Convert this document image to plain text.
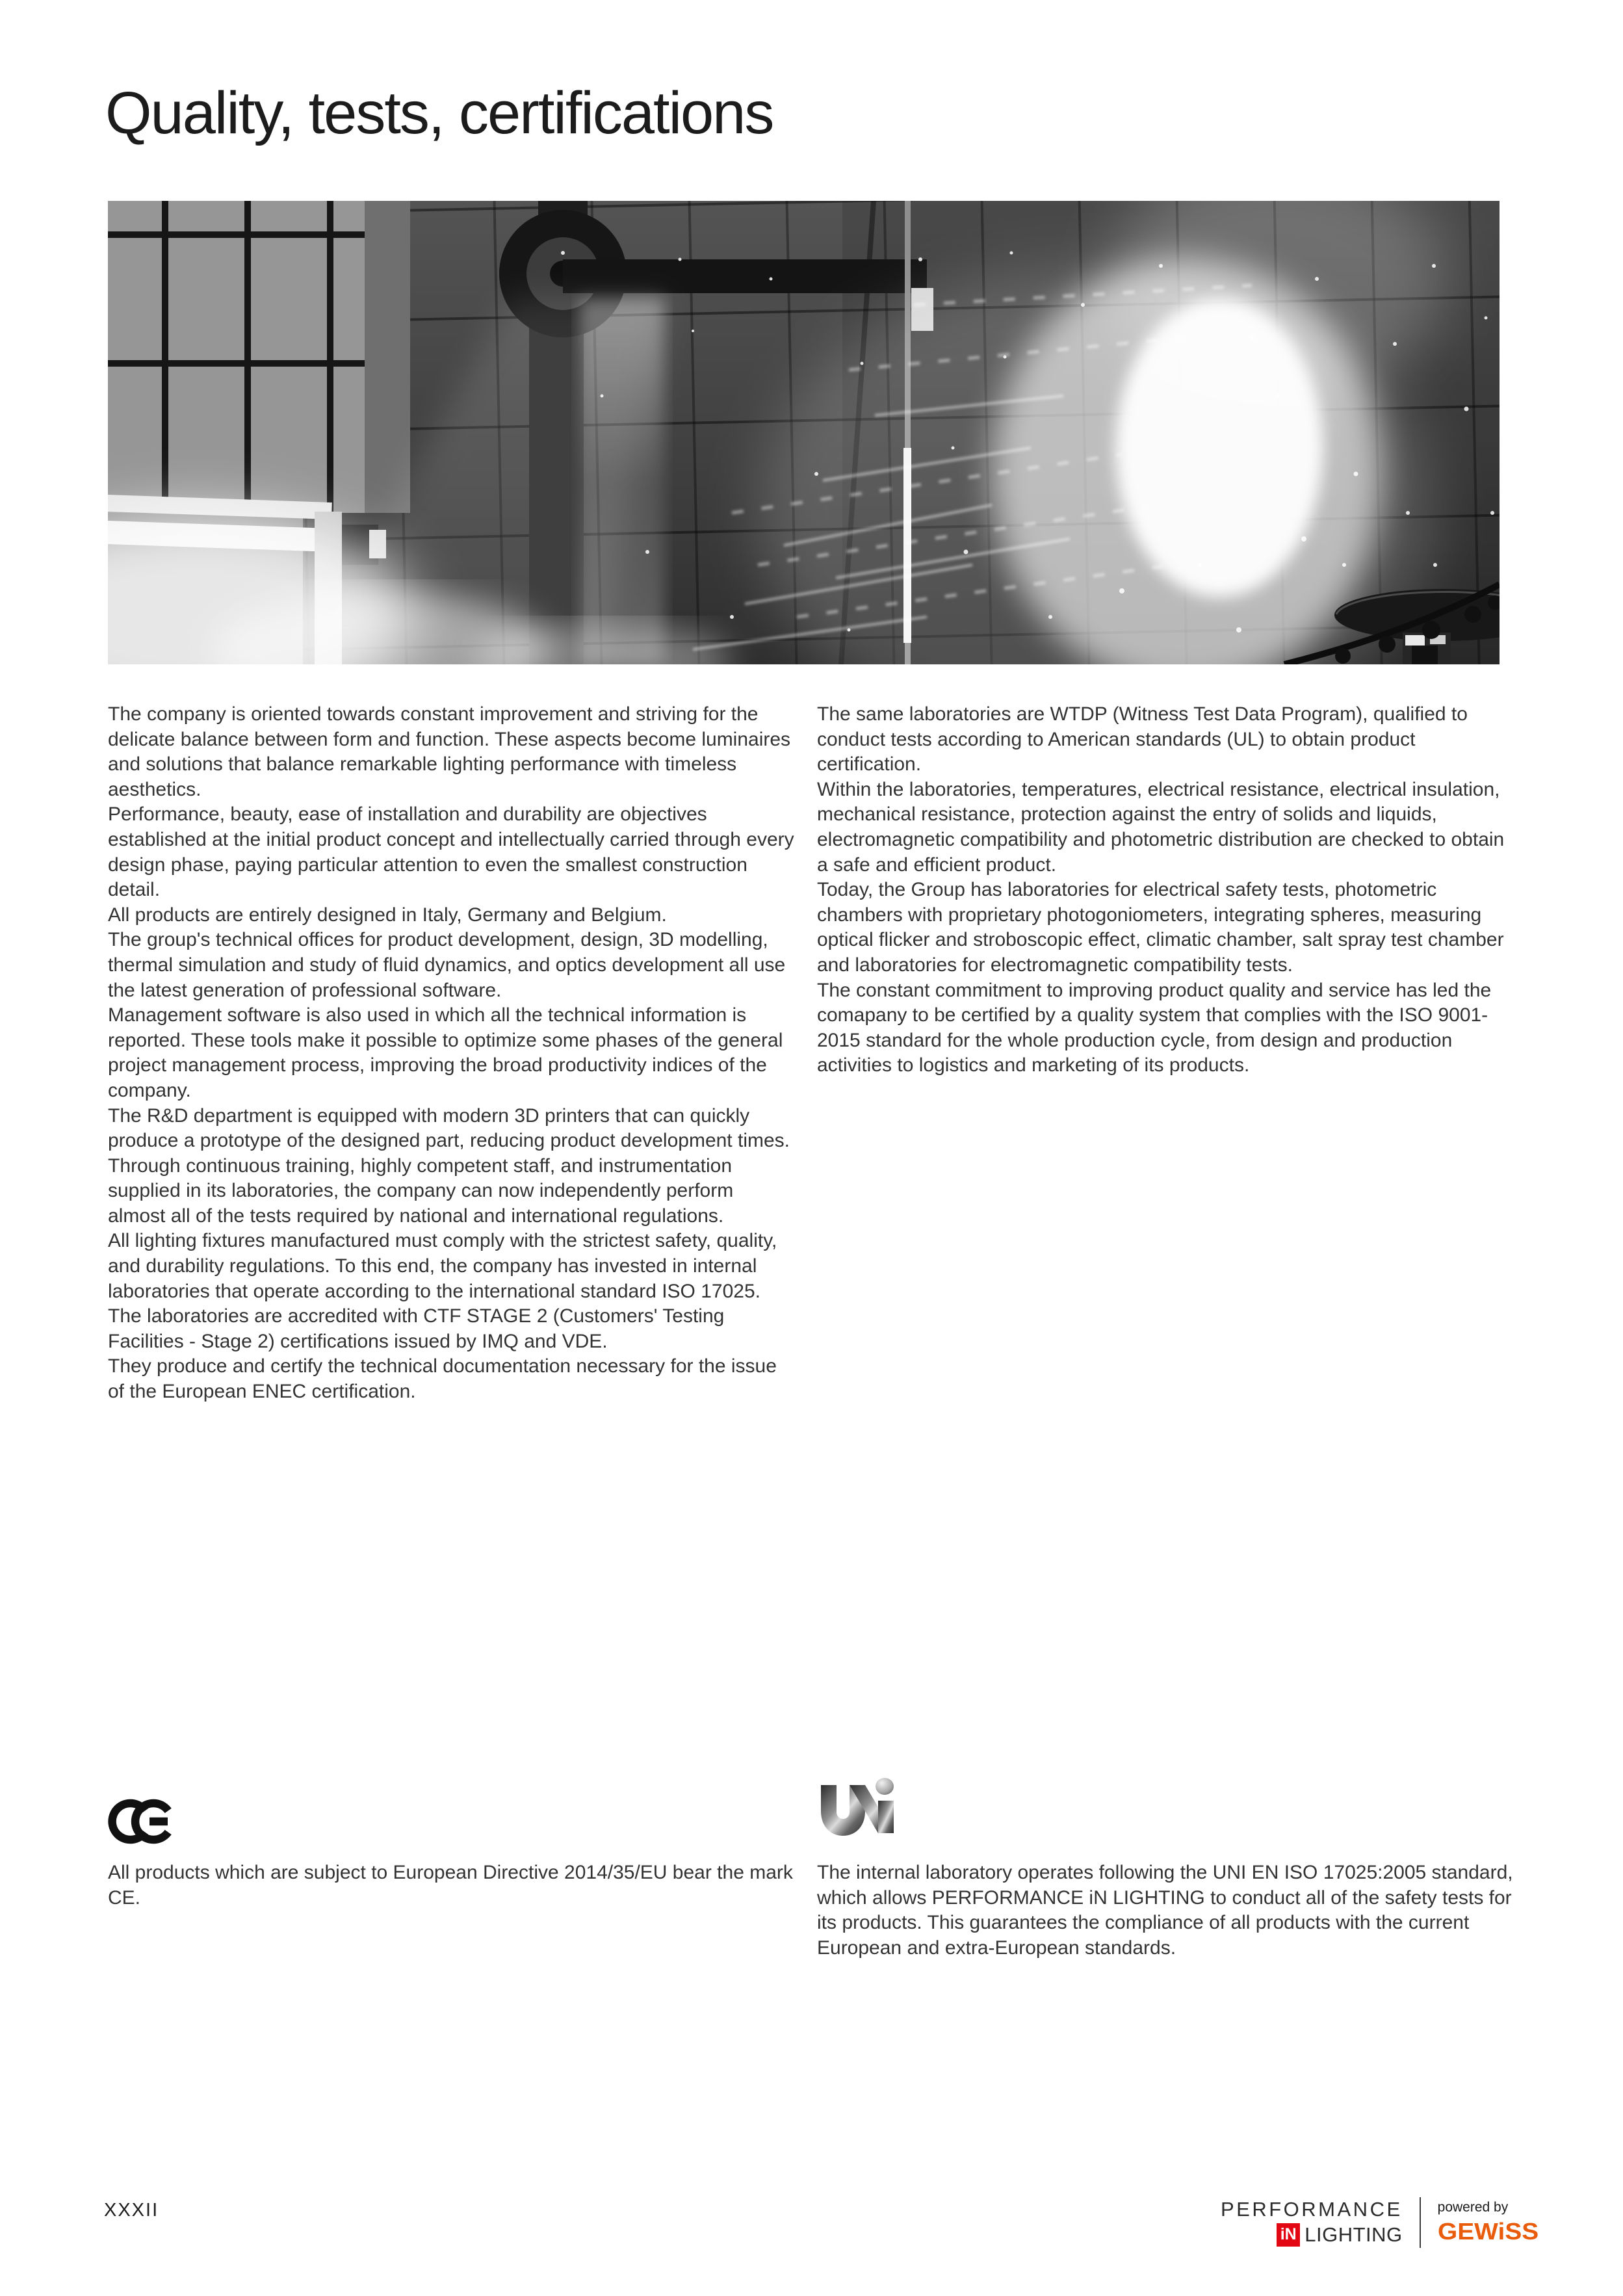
Quality, tests, certifications

The company is oriented towards constant improvement and striving for the delicate balance between form and function. These aspects become luminaires and solutions that balance remarkable lighting performance with timeless aesthetics.

Performance, beauty, ease of installation and durability are objectives established at the initial product concept and intellectually carried through every design phase, paying particular attention to even the smallest construction detail.

All products are entirely designed in Italy, Germany and Belgium.

The group's technical offices for product development, design, 3D modelling, thermal simulation and study of fluid dynamics, and optics development all use the latest generation of professional software.

Management software is also used in which all the technical information is reported. These tools make it possible to optimize some phases of the general project management process, improving the broad productivity indices of the company.

The R&D department is equipped with modern 3D printers that can quickly produce a prototype of the designed part, reducing product development times.

Through continuous training, highly competent staff, and instrumentation supplied in its laboratories, the company can now independently perform almost all of the tests required by national and international regulations.

All lighting fixtures manufactured must comply with the strictest safety, quality, and durability regulations. To this end, the company has invested in internal laboratories that operate according to the international standard ISO 17025.

The laboratories are accredited with CTF STAGE 2 (Customers' Testing Facilities - Stage 2) certifications issued by IMQ and VDE.

They produce and certify the technical documentation necessary for the issue of the European ENEC certification.

The same laboratories are WTDP (Witness Test Data Program), qualified to conduct tests according to American standards (UL) to obtain product certification.

Within the laboratories, temperatures, electrical resistance, electrical insulation, mechanical resistance, protection against the entry of solids and liquids, electromagnetic compatibility and photometric distribution are checked to obtain a safe and efficient product.

Today, the Group has laboratories for electrical safety tests, photometric chambers with proprietary photogoniometers, integrating spheres, measuring optical flicker and stroboscopic effect, climatic chamber, salt spray test chamber and laboratories for electromagnetic compatibility tests.

The constant commitment to improving product quality and service has led the comapany to be certified by a quality system that complies with the ISO 9001-2015 standard for the whole production cycle, from design and production activities to logistics and marketing of its products.

All products which are subject to European Directive 2014/35/EU bear the mark CE.

The internal laboratory operates following the UNI EN ISO 17025:2005 standard, which allows PERFORMANCE iN LIGHTING to conduct all of the safety tests for its products. This guarantees the compliance of all products with the current European and extra-European standards.

XXXII	PERFORMANCE
iN LIGHTING
powered by
GEWiSS
